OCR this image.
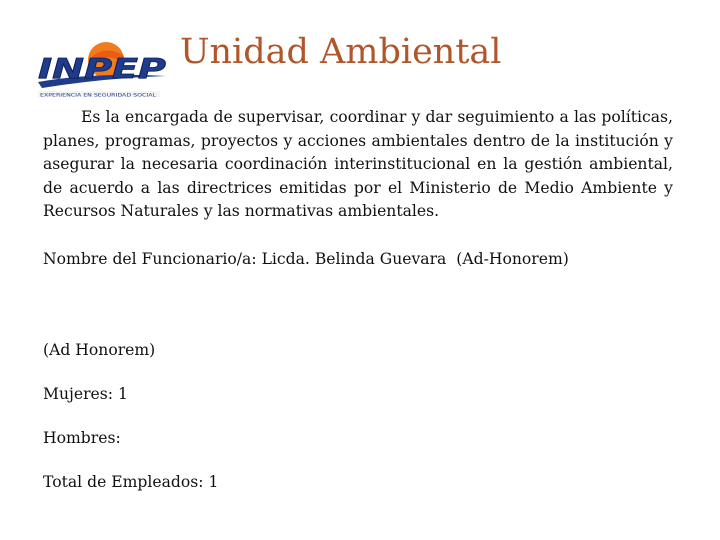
INPEP
EXPERIENCIA EN SEGURIDAD SOCIAL
Unidad Ambiental

Es la encargada de supervisar, coordinar y dar seguimiento a las políticas, planes, programas, proyectos y acciones ambientales dentro de la institución y asegurar la necesaria coordinación interinstitucional en la gestión ambiental, de acuerdo a las directrices emitidas por el Ministerio de Medio Ambiente y Recursos Naturales y las normativas ambientales.

Nombre del Funcionario/a: Licda. Belinda Guevara  (Ad-Honorem)
(Ad Honorem)
Mujeres: 1
Hombres:
Total de Empleados: 1
